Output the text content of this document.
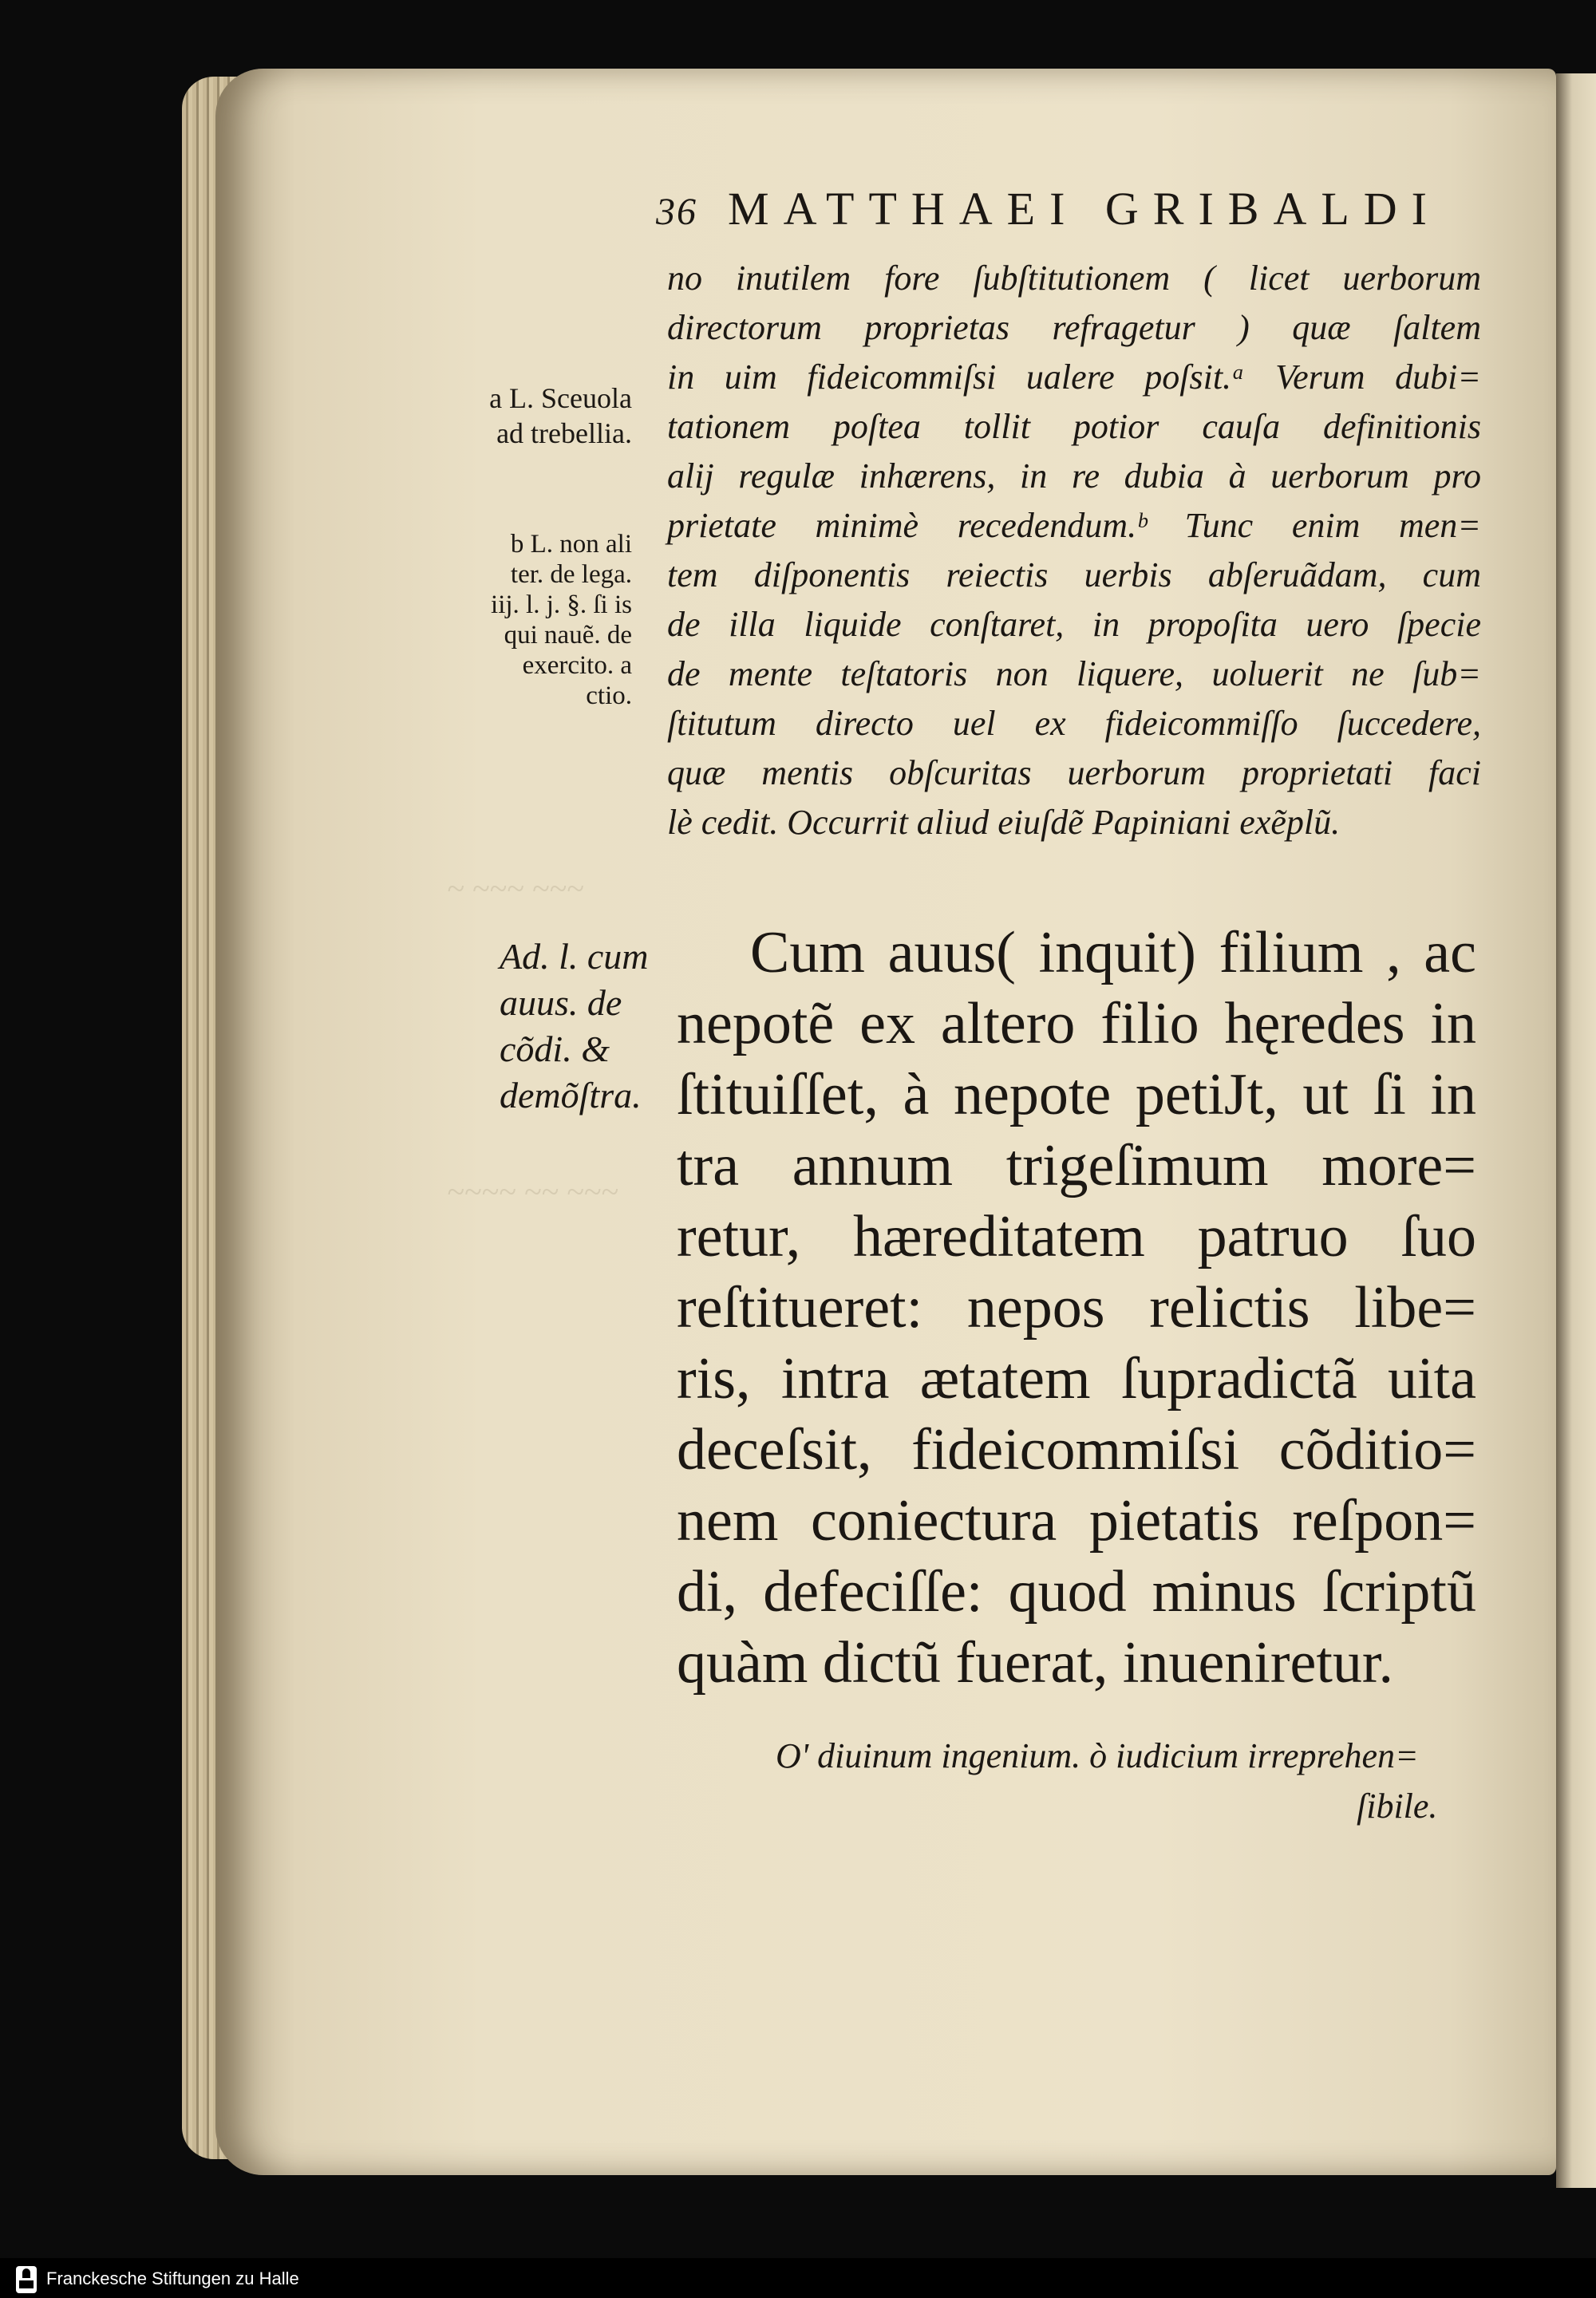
~ ~~~ ~~~
~~~~ ~~ ~~~
36 MATTHAEI GRIBALDI
no inutilem fore ſubſtitutionem ( licet uerborum
directorum proprietas refragetur ) quæ ſaltem
in uim fideicommiſsi ualere poſsit.ᵃ Verum dubi=
tationem poſtea tollit potior cauſa definitionis
alij regulæ inhærens, in re dubia à uerborum pro
prietate minimè recedendum.ᵇ Tunc enim men=
tem diſponentis reiectis uerbis abſeruãdam, cum
de illa liquide conſtaret, in propoſita uero ſpecie
de mente teſtatoris non liquere, uoluerit ne ſub=
ſtitutum directo uel ex fideicommiſſo ſuccedere,
quæ mentis obſcuritas uerborum proprietati faci
lè cedit. Occurrit aliud eiuſdẽ Papiniani exẽplũ.
Cum auus( inquit) filium , ac
nepotẽ ex altero filio hęredes in
ſtituiſſet, à nepote petiJt, ut ſi in
tra annum trigeſimum more=
retur, hæreditatem patruo ſuo
reſtitueret: nepos relictis libe=
ris, intra ætatem ſupradictã uita
deceſsit, fideicommiſsi cõditio=
nem coniectura pietatis reſpon=
di, defeciſſe: quod minus ſcriptũ
quàm dictũ fuerat, inueniretur.
O' diuinum ingenium. ò iudicium irreprehen=
ſibile.
a L. Sceuola
ad trebellia.
b L. non ali
ter. de lega.
iij. l. j. §. ſi is
qui nauẽ. de
exercito. a
ctio.
Ad. l. cum
auus. de
cõdi. &
demõſtra.
Franckesche Stiftungen zu Halle
